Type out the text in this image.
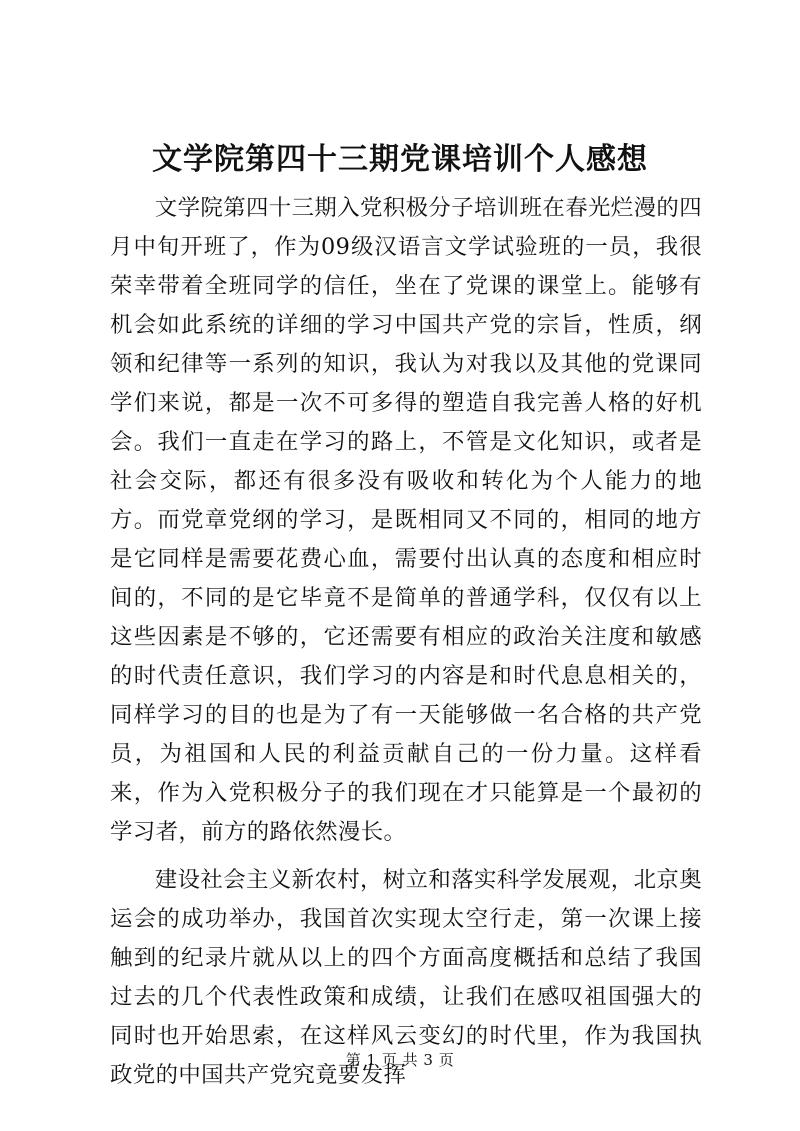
文学院第四十三期党课培训个人感想

文学院第四十三期入党积极分子培训班在春光烂漫的四月中旬开班了，作为09级汉语言文学试验班的一员，我很荣幸带着全班同学的信任，坐在了党课的课堂上。能够有机会如此系统的详细的学习中国共产党的宗旨，性质，纲领和纪律等一系列的知识，我认为对我以及其他的党课同学们来说，都是一次不可多得的塑造自我完善人格的好机会。我们一直走在学习的路上，不管是文化知识，或者是社会交际，都还有很多没有吸收和转化为个人能力的地方。而党章党纲的学习，是既相同又不同的，相同的地方是它同样是需要花费心血，需要付出认真的态度和相应时间的，不同的是它毕竟不是简单的普通学科，仅仅有以上这些因素是不够的，它还需要有相应的政治关注度和敏感的时代责任意识，我们学习的内容是和时代息息相关的，同样学习的目的也是为了有一天能够做一名合格的共产党员，为祖国和人民的利益贡献自己的一份力量。这样看来，作为入党积极分子的我们现在才只能算是一个最初的学习者，前方的路依然漫长。

建设社会主义新农村，树立和落实科学发展观，北京奥运会的成功举办，我国首次实现太空行走，第一次课上接触到的纪录片就从以上的四个方面高度概括和总结了我国过去的几个代表性政策和成绩，让我们在感叹祖国强大的同时也开始思索，在这样风云变幻的时代里，作为我国执政党的中国共产党究竟要发挥

第 1 页 共 3 页
